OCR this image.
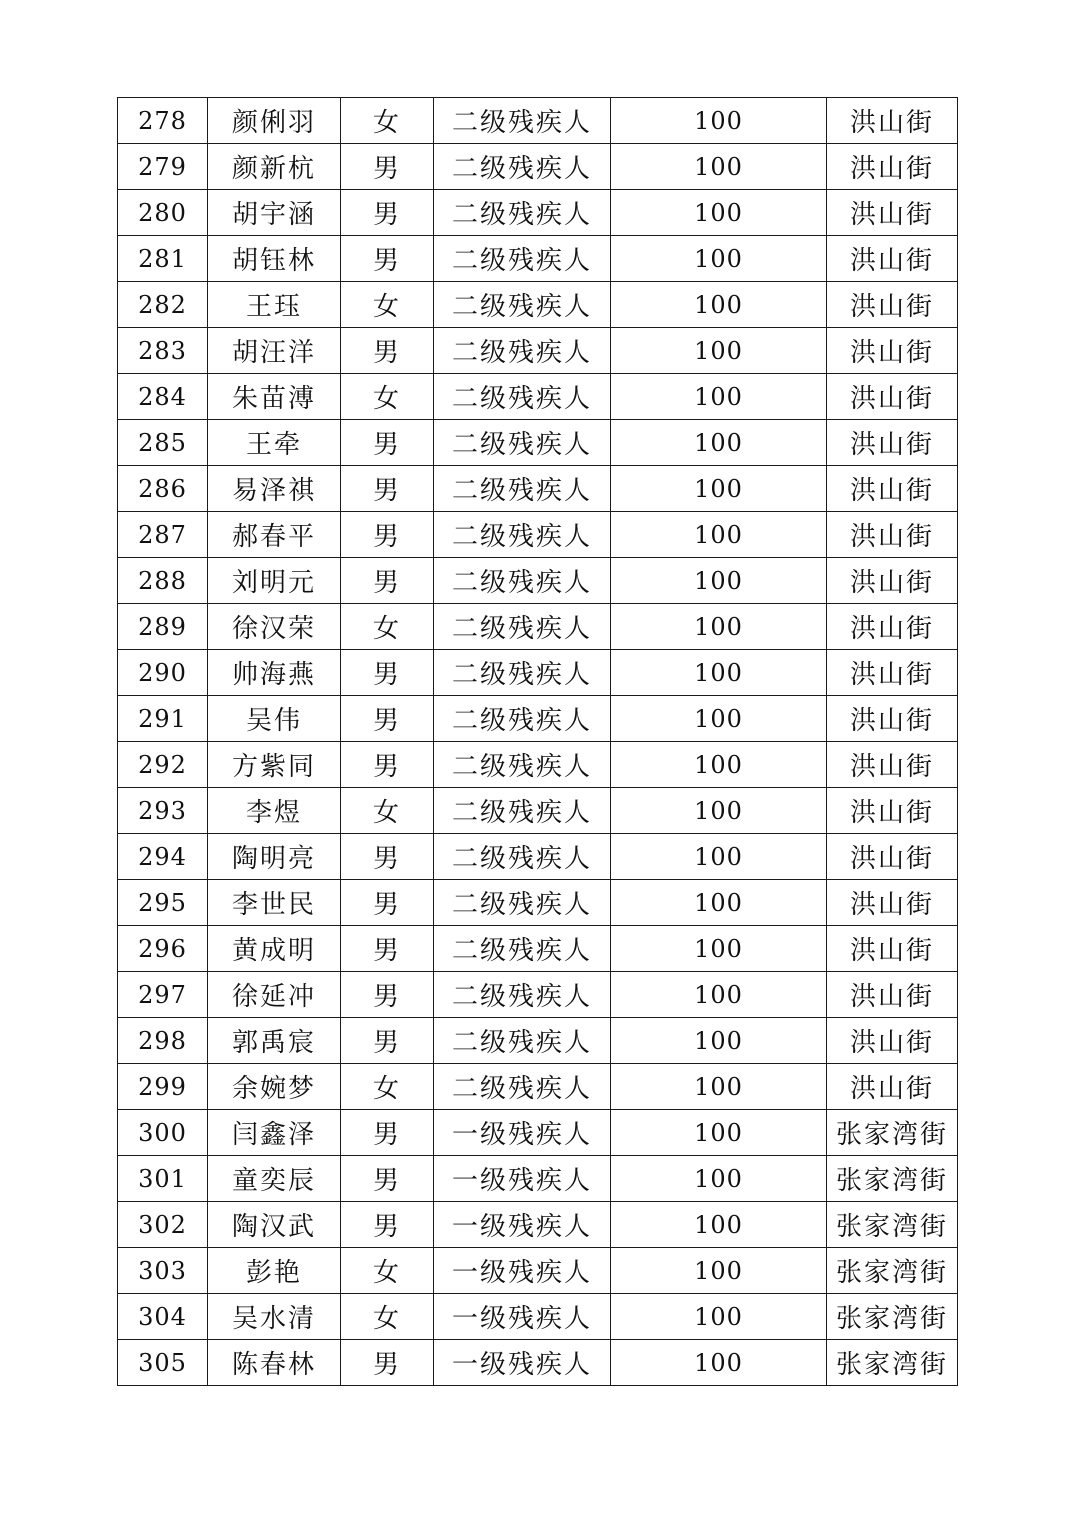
278	颜俐羽	女	二级残疾人	100	洪山街
279	颜新杭	男	二级残疾人	100	洪山街
280	胡宇涵	男	二级残疾人	100	洪山街
281	胡钰林	男	二级残疾人	100	洪山街
282	王珏	女	二级残疾人	100	洪山街
283	胡汪洋	男	二级残疾人	100	洪山街
284	朱苗溥	女	二级残疾人	100	洪山街
285	王牵	男	二级残疾人	100	洪山街
286	易泽祺	男	二级残疾人	100	洪山街
287	郝春平	男	二级残疾人	100	洪山街
288	刘明元	男	二级残疾人	100	洪山街
289	徐汉荣	女	二级残疾人	100	洪山街
290	帅海燕	男	二级残疾人	100	洪山街
291	吴伟	男	二级残疾人	100	洪山街
292	方紫同	男	二级残疾人	100	洪山街
293	李煜	女	二级残疾人	100	洪山街
294	陶明亮	男	二级残疾人	100	洪山街
295	李世民	男	二级残疾人	100	洪山街
296	黄成明	男	二级残疾人	100	洪山街
297	徐延冲	男	二级残疾人	100	洪山街
298	郭禹宸	男	二级残疾人	100	洪山街
299	余婉梦	女	二级残疾人	100	洪山街
300	闫鑫泽	男	一级残疾人	100	张家湾街
301	童奕辰	男	一级残疾人	100	张家湾街
302	陶汉武	男	一级残疾人	100	张家湾街
303	彭艳	女	一级残疾人	100	张家湾街
304	吴水清	女	一级残疾人	100	张家湾街
305	陈春林	男	一级残疾人	100	张家湾街
